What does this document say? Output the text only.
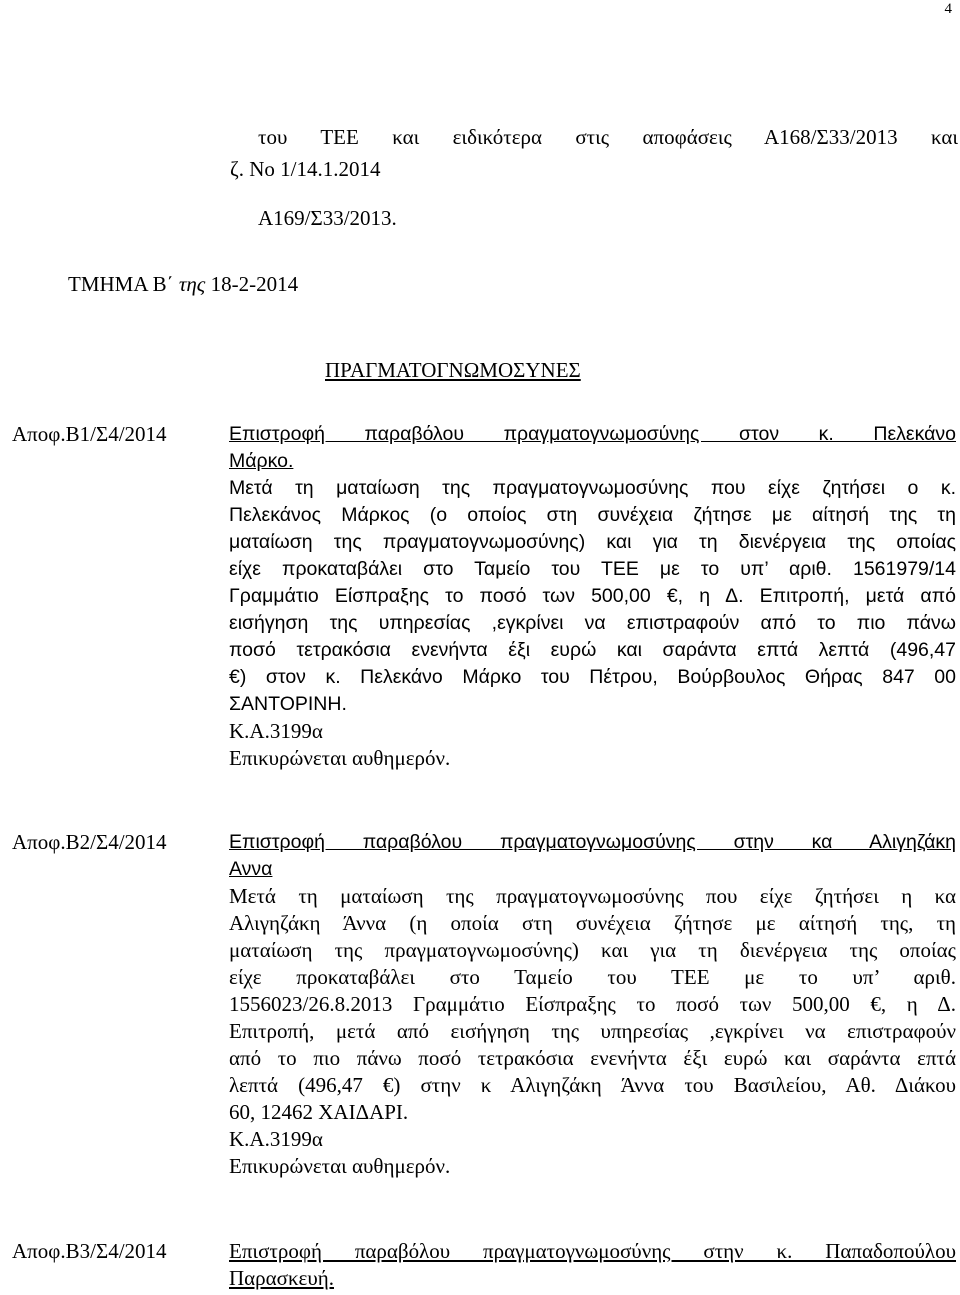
4

του ΤΕΕ και ειδικότερα στις αποφάσεις Α168/Σ33/2013 και

Α169/Σ33/2013.

ζ. Νο 1/14.1.2014
ΤΜΗΜΑ Β΄ της 18-2-2014
ΠΡΑΓΜΑΤΟΓΝΩΜΟΣΥΝΕΣ
Αποφ.Β1/Σ4/2014	Επιστροφή παραβόλου πραγματογνωμοσύνης στον κ. Πελεκάνο
Μάρκο.
Μετά τη ματαίωση της πραγματογνωμοσύνης που είχε ζητήσει ο κ.
Πελεκάνος Μάρκος (ο οποίος στη συνέχεια ζήτησε με αίτησή της τη
ματαίωση της πραγματογνωμοσύνης) και για τη διενέργεια της οποίας
είχε προκαταβάλει στο Ταμείο του ΤΕΕ με το υπ’ αριθ. 1561979/14
Γραμμάτιο Είσπραξης το ποσό των 500,00 €, η Δ. Επιτροπή, μετά από
εισήγηση της υπηρεσίας ,εγκρίνει να επιστραφούν από το πιο πάνω
ποσό τετρακόσια ενενήντα έξι ευρώ και σαράντα επτά λεπτά (496,47
€) στον κ. Πελεκάνο Μάρκο του Πέτρου, Βούρβουλος Θήρας 847 00
ΣΑΝΤΟΡΙΝΗ.
Κ.Α.3199α
Επικυρώνεται αυθημερόν.
Αποφ.Β2/Σ4/2014	Επιστροφή παραβόλου πραγματογνωμοσύνης στην κα Αλιγηζάκη
Αννα
Μετά τη ματαίωση της πραγματογνωμοσύνης που είχε ζητήσει η κα
Αλιγηζάκη Άννα (η οποία στη συνέχεια ζήτησε με αίτησή της, τη
ματαίωση της πραγματογνωμοσύνης) και για τη διενέργεια της οποίας
είχε προκαταβάλει στο Ταμείο του ΤΕΕ με το υπ’ αριθ.
1556023/26.8.2013 Γραμμάτιο Είσπραξης το ποσό των 500,00 €, η Δ.
Επιτροπή, μετά από εισήγηση της υπηρεσίας ,εγκρίνει να επιστραφούν
από το πιο πάνω ποσό τετρακόσια ενενήντα έξι ευρώ και σαράντα επτά
λεπτά (496,47 €) στην κ Αλιγηζάκη Άννα του Βασιλείου, Αθ. Διάκου
60, 12462 ΧΑΙΔΑΡΙ.
Κ.Α.3199α
Επικυρώνεται αυθημερόν.
Αποφ.Β3/Σ4/2014	Επιστροφή παραβόλου πραγματογνωμοσύνης στην κ. Παπαδοπούλου
Παρασκευή.
